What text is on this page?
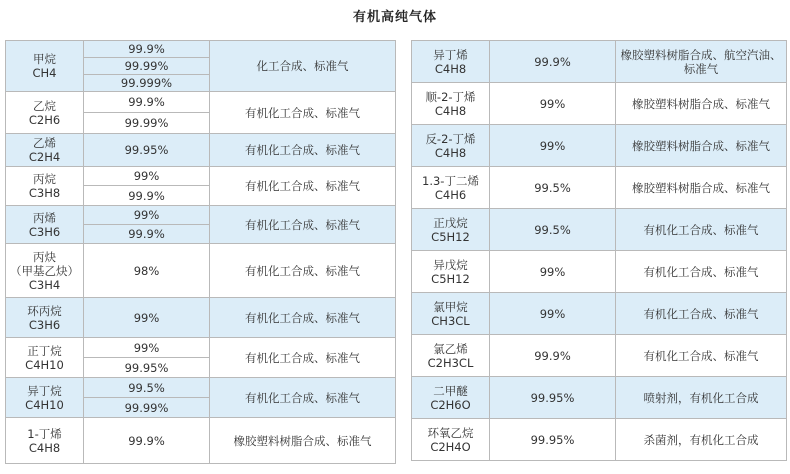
有机高纯气体
甲烷
CH4	99.9%	化工合成、标准气
	99.99%	
	99.999%	

乙烷
C2H6	99.9%	有机化工合成、标准气
	99.99%	

乙烯
C2H4	99.95%	有机化工合成、标准气

丙烷
C3H8	99%	有机化工合成、标准气
	99.9%	

丙烯
C3H6	99%	有机化工合成、标准气
	99.9%	

丙炔
（甲基乙炔）
C3H4	98%	有机化工合成、标准气

环丙烷
C3H6	99%	有机化工合成、标准气

正丁烷
C4H10	99%	有机化工合成、标准气
	99.95%	

异丁烷
C4H10	99.5%	有机化工合成、标准气
	99.99%	

1-丁烯
C4H8	99.9%	橡胶塑料树脂合成、标准气
异丁烯
C4H8	99.9%	橡胶塑料树脂合成、航空汽油、
标准气

顺-2-丁烯
C4H8	99%	橡胶塑料树脂合成、标准气

反-2-丁烯
C4H8	99%	橡胶塑料树脂合成、标准气

1.3-丁二烯
C4H6	99.5%	橡胶塑料树脂合成、标准气

正戊烷
C5H12	99.5%	有机化工合成、标准气

异戊烷
C5H12	99%	有机化工合成、标准气

氯甲烷
CH3CL	99%	有机化工合成、标准气

氯乙烯
C2H3CL	99.9%	有机化工合成、标准气

二甲醚
C2H6O	99.95%	喷射剂，有机化工合成

环氧乙烷
C2H4O	99.95%	杀菌剂，有机化工合成
